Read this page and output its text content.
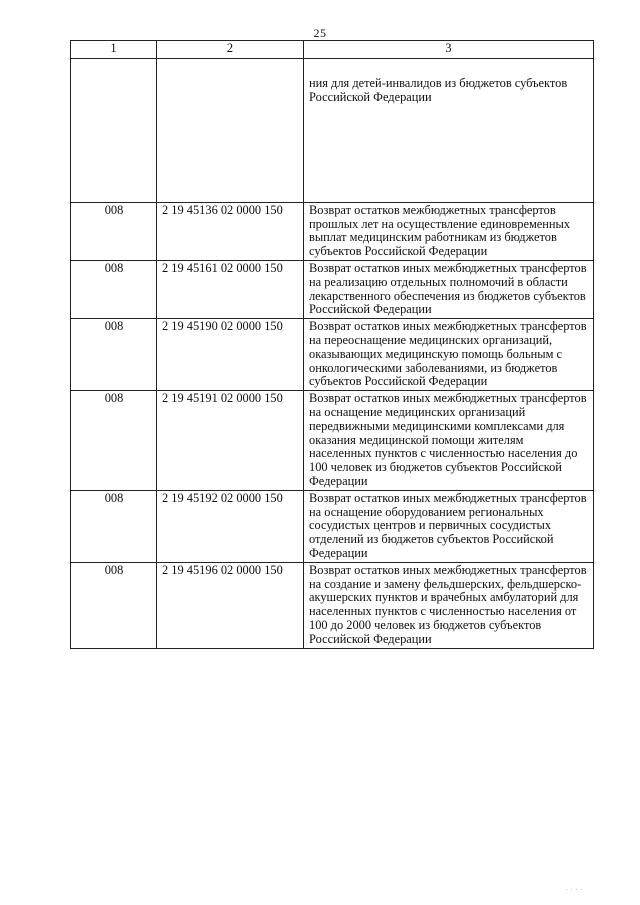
25
1	2	3
		ния для детей-инвалидов из бюджетов субъектов Российской Федерации
008	2 19 45136 02 0000 150	Возврат остатков межбюджетных трансфертов прошлых лет на осуществление единовременных выплат медицинским работникам из бюджетов субъектов Российской Федерации
008	2 19 45161 02 0000 150	Возврат остатков иных межбюджетных трансфертов на реализацию отдельных полномочий в области лекарственного обеспечения из бюджетов субъектов Российской Федерации
008	2 19 45190 02 0000 150	Возврат остатков иных межбюджетных трансфертов на переоснащение медицинских организаций, оказывающих медицинскую помощь больным с онкологическими заболеваниями, из бюджетов субъектов Российской Федерации
008	2 19 45191 02 0000 150	Возврат остатков иных межбюджетных трансфертов на оснащение медицинских организаций передвижными медицинскими комплексами для оказания медицинской помощи жителям населенных пунктов с численностью населения до 100 человек из бюджетов субъектов Российской Федерации
008	2 19 45192 02 0000 150	Возврат остатков иных межбюджетных трансфертов на оснащение оборудованием региональных сосудистых центров и первичных сосудистых отделений из бюджетов субъектов Российской Федерации
008	2 19 45196 02 0000 150	Возврат остатков иных межбюджетных трансфертов на создание и замену фельдшерских, фельдшерско-акушерских пунктов и врачебных амбулаторий для населенных пунктов с численностью населения от 100 до 2000 человек из бюджетов субъектов Российской Федерации
. . . .
